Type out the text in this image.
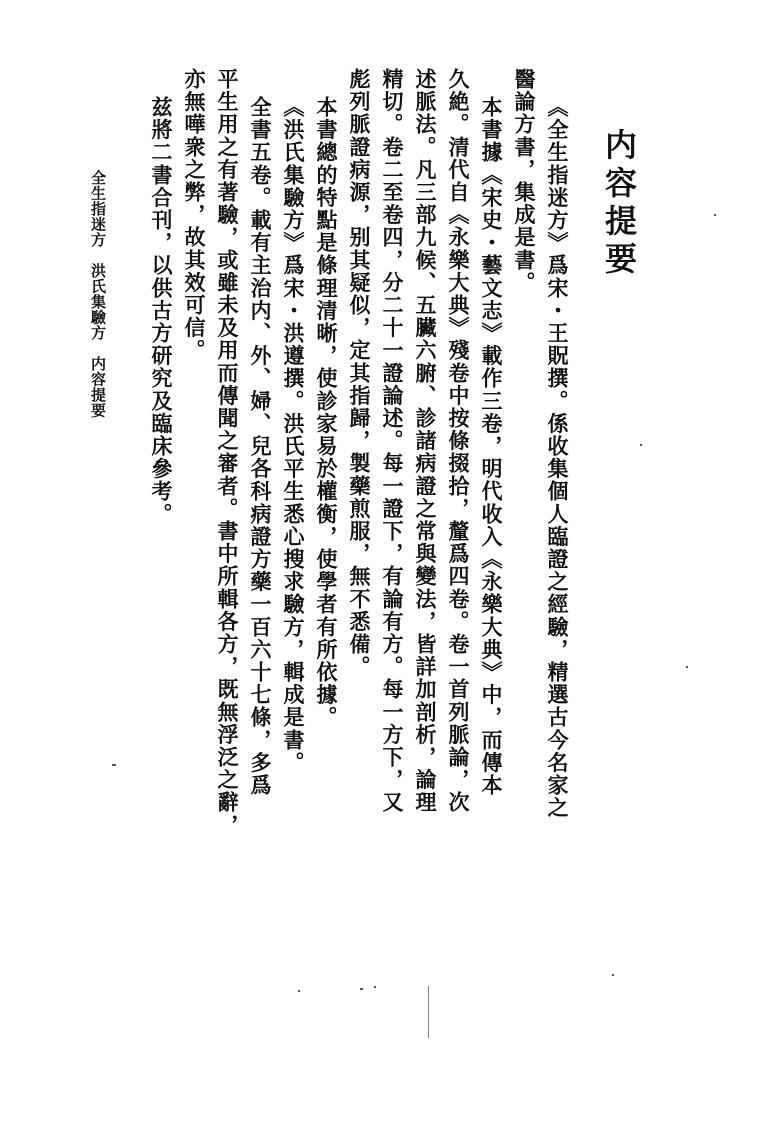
内容提要
《全生指迷方》爲宋・王貺撰。係收集個人臨證之經驗，精選古今名家之
醫論方書，集成是書。
本書據《宋史・藝文志》載作三卷，明代收入《永樂大典》中，而傳本
久絶。清代自《永樂大典》殘卷中按條掇拾，釐爲四卷。卷一首列脈論，次
述脈法。凡三部九候、五臟六腑、診諸病證之常與變法，皆詳加剖析，論理
精切。卷二至卷四，分二十一證論述。每一證下，有論有方。每一方下，又
彪列脈證病源，别其疑似，定其指歸，製藥煎服，無不悉備。
本書總的特點是條理清晰，使診家易於權衡，使學者有所依據。
《洪氏集驗方》爲宋・洪遵撰。洪氏平生悉心搜求驗方，輯成是書。
全書五卷。載有主治内、外、婦、兒各科病證方藥一百六十七條，多爲
平生用之有著驗，或雖未及用而傳聞之審者。書中所輯各方，既無浮泛之辭，
亦無嘩衆之弊，故其效可信。
兹將二書合刊，以供古方研究及臨床參考。
全生指迷方　洪氏集驗方　内容提要
